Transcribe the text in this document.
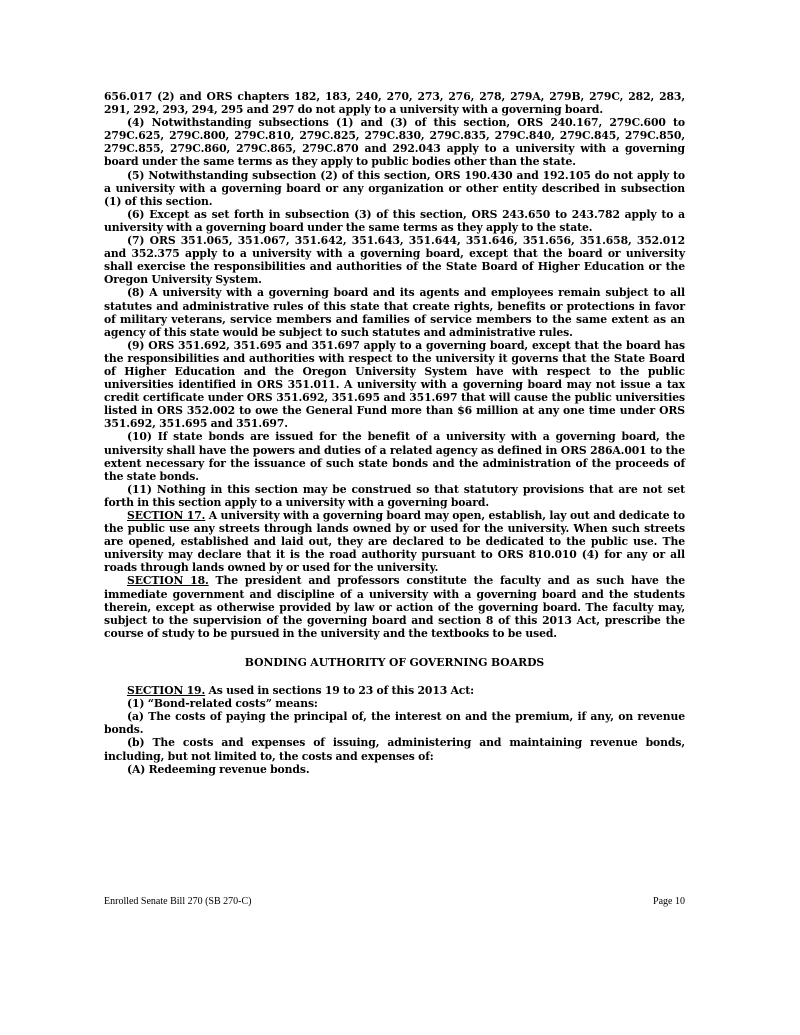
656.017 (2) and ORS chapters 182, 183, 240, 270, 273, 276, 278, 279A, 279B, 279C, 282, 283, 291, 292, 293, 294, 295 and 297 do not apply to a university with a governing board.

(4) Notwithstanding subsections (1) and (3) of this section, ORS 240.167, 279C.600 to 279C.625, 279C.800, 279C.810, 279C.825, 279C.830, 279C.835, 279C.840, 279C.845, 279C.850, 279C.855, 279C.860, 279C.865, 279C.870 and 292.043 apply to a university with a governing board under the same terms as they apply to public bodies other than the state.

(5) Notwithstanding subsection (2) of this section, ORS 190.430 and 192.105 do not apply to a university with a governing board or any organization or other entity described in subsection (1) of this section.

(6) Except as set forth in subsection (3) of this section, ORS 243.650 to 243.782 apply to a university with a governing board under the same terms as they apply to the state.

(7) ORS 351.065, 351.067, 351.642, 351.643, 351.644, 351.646, 351.656, 351.658, 352.012 and 352.375 apply to a university with a governing board, except that the board or university shall exercise the responsibilities and authorities of the State Board of Higher Education or the Oregon University System.

(8) A university with a governing board and its agents and employees remain subject to all statutes and administrative rules of this state that create rights, benefits or protections in favor of military veterans, service members and families of service members to the same extent as an agency of this state would be subject to such statutes and administrative rules.

(9) ORS 351.692, 351.695 and 351.697 apply to a governing board, except that the board has the responsibilities and authorities with respect to the university it governs that the State Board of Higher Education and the Oregon University System have with respect to the public universities identified in ORS 351.011. A university with a governing board may not issue a tax credit certificate under ORS 351.692, 351.695 and 351.697 that will cause the public universities listed in ORS 352.002 to owe the General Fund more than $6 million at any one time under ORS 351.692, 351.695 and 351.697.

(10) If state bonds are issued for the benefit of a university with a governing board, the university shall have the powers and duties of a related agency as defined in ORS 286A.001 to the extent necessary for the issuance of such state bonds and the administration of the proceeds of the state bonds.

(11) Nothing in this section may be construed so that statutory provisions that are not set forth in this section apply to a university with a governing board.

SECTION 17. A university with a governing board may open, establish, lay out and dedicate to the public use any streets through lands owned by or used for the university. When such streets are opened, established and laid out, they are declared to be dedicated to the public use. The university may declare that it is the road authority pursuant to ORS 810.010 (4) for any or all roads through lands owned by or used for the university.

SECTION 18. The president and professors constitute the faculty and as such have the immediate government and discipline of a university with a governing board and the students therein, except as otherwise provided by law or action of the governing board. The faculty may, subject to the supervision of the governing board and section 8 of this 2013 Act, prescribe the course of study to be pursued in the university and the textbooks to be used.

BONDING AUTHORITY OF GOVERNING BOARDS

SECTION 19. As used in sections 19 to 23 of this 2013 Act:

(1) “Bond-related costs” means:

(a) The costs of paying the principal of, the interest on and the premium, if any, on revenue bonds.

(b) The costs and expenses of issuing, administering and maintaining revenue bonds, including, but not limited to, the costs and expenses of:

(A) Redeeming revenue bonds.

Enrolled Senate Bill 270 (SB 270-C)	Page 10
